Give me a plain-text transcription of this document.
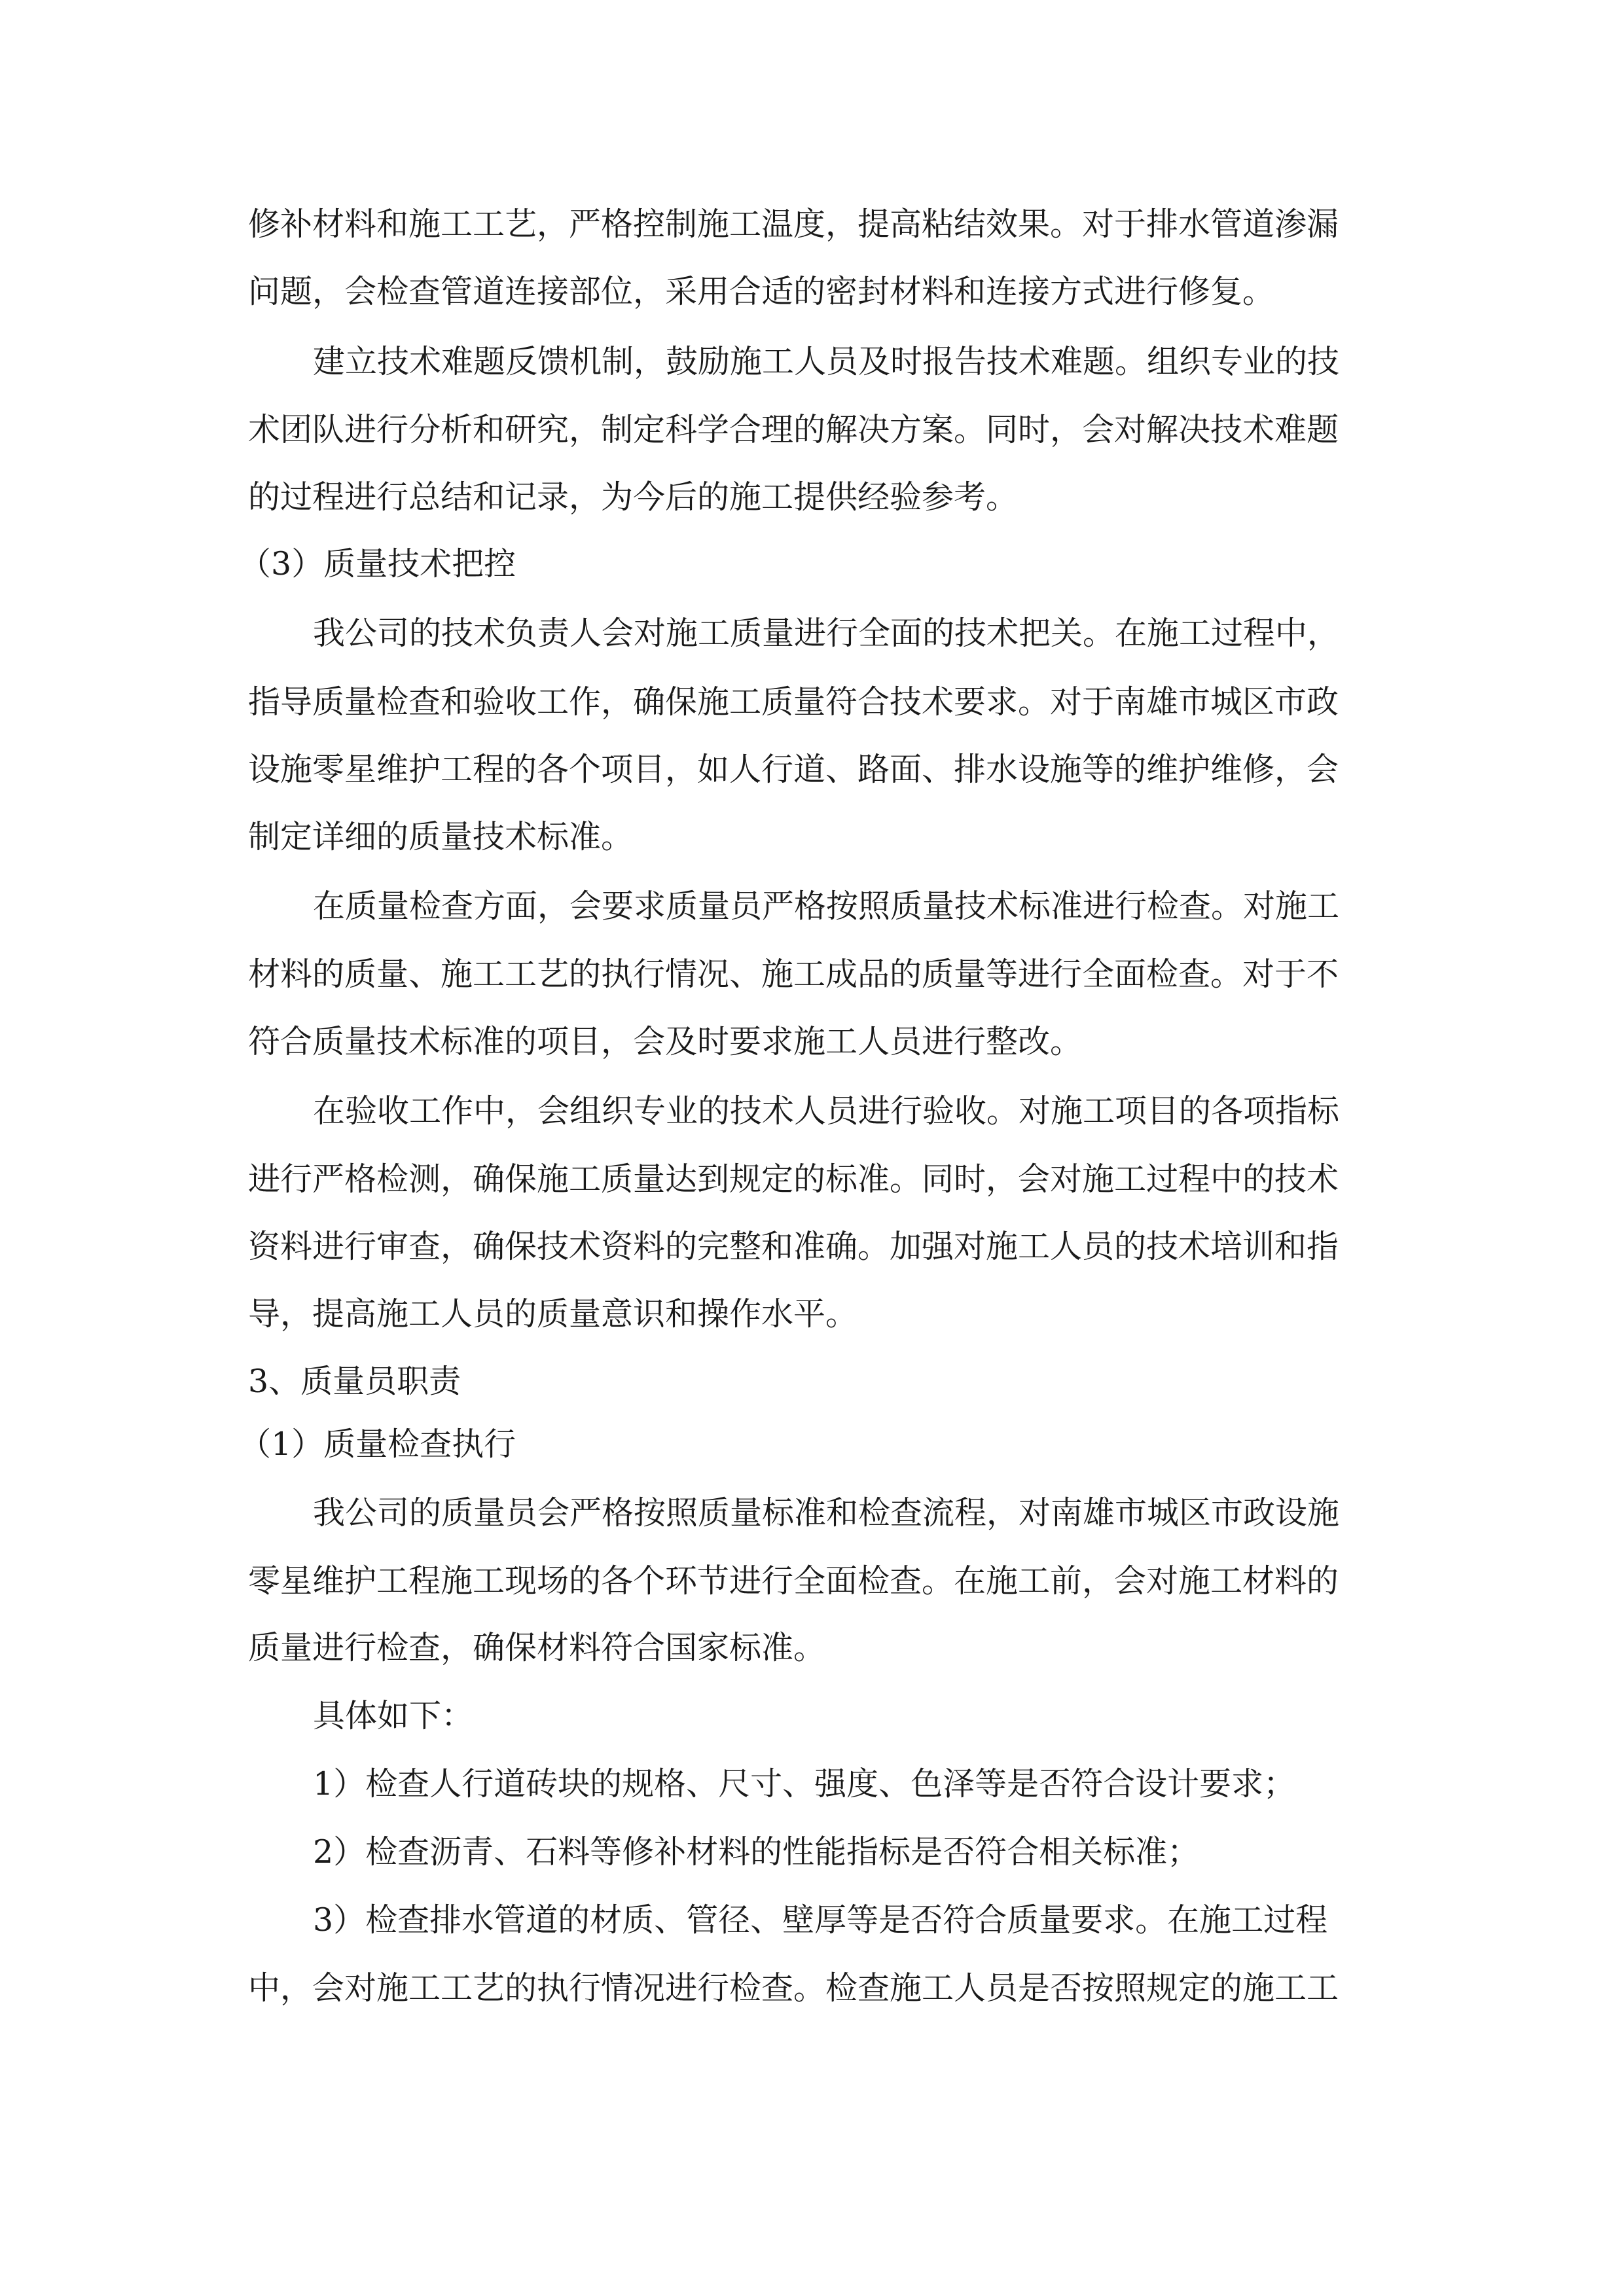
修补材料和施工工艺，严格控制施工温度，提高粘结效果。对于排水管道渗漏

问题，会检查管道连接部位，采用合适的密封材料和连接方式进行修复。

建立技术难题反馈机制，鼓励施工人员及时报告技术难题。组织专业的技

术团队进行分析和研究，制定科学合理的解决方案。同时，会对解决技术难题

的过程进行总结和记录，为今后的施工提供经验参考。

（3）质量技术把控

我公司的技术负责人会对施工质量进行全面的技术把关。在施工过程中，

指导质量检查和验收工作，确保施工质量符合技术要求。对于南雄市城区市政

设施零星维护工程的各个项目，如人行道、路面、排水设施等的维护维修，会

制定详细的质量技术标准。

在质量检查方面，会要求质量员严格按照质量技术标准进行检查。对施工

材料的质量、施工工艺的执行情况、施工成品的质量等进行全面检查。对于不

符合质量技术标准的项目，会及时要求施工人员进行整改。

在验收工作中，会组织专业的技术人员进行验收。对施工项目的各项指标

进行严格检测，确保施工质量达到规定的标准。同时，会对施工过程中的技术

资料进行审查，确保技术资料的完整和准确。加强对施工人员的技术培训和指

导，提高施工人员的质量意识和操作水平。

3、质量员职责

（1）质量检查执行

我公司的质量员会严格按照质量标准和检查流程，对南雄市城区市政设施

零星维护工程施工现场的各个环节进行全面检查。在施工前，会对施工材料的

质量进行检查，确保材料符合国家标准。

具体如下：

1）检查人行道砖块的规格、尺寸、强度、色泽等是否符合设计要求；

2）检查沥青、石料等修补材料的性能指标是否符合相关标准；

3）检查排水管道的材质、管径、壁厚等是否符合质量要求。在施工过程

中，会对施工工艺的执行情况进行检查。检查施工人员是否按照规定的施工工
